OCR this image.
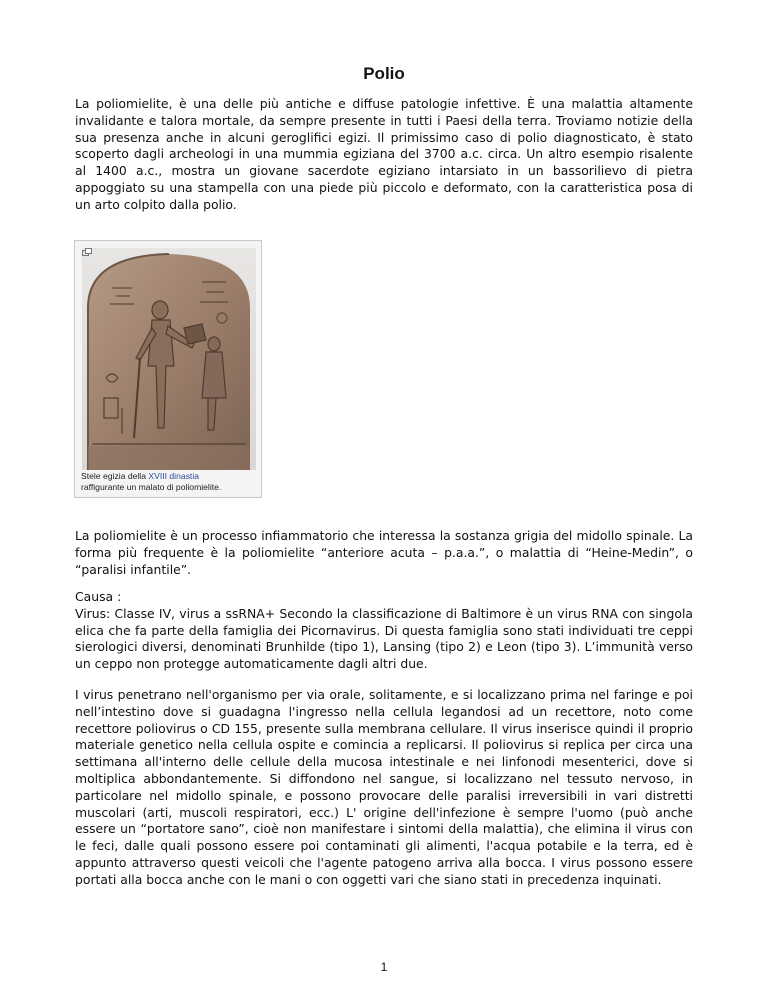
Polio

La poliomielite, è una delle più antiche e diffuse patologie infettive. È una malattia altamente invalidante e talora mortale, da sempre presente in tutti i Paesi della terra. Troviamo notizie della sua presenza anche in alcuni geroglifici egizi. Il primissimo caso di polio diagnosticato, è stato scoperto dagli archeologi in una mummia egiziana del 3700 a.c. circa. Un altro esempio risalente al 1400 a.c., mostra un giovane sacerdote egiziano intarsiato in un bassorilievo di pietra appoggiato su una stampella con una piede più piccolo e deformato, con la caratteristica posa di un arto colpito dalla polio.

Stele egizia della XVIII dinastia
raffigurante un malato di poliomielite.

La poliomielite è un processo infiammatorio che interessa la sostanza grigia del midollo spinale. La forma più frequente è la poliomielite “anteriore acuta – p.a.a.”, o malattia di “Heine-Medin”, o “paralisi infantile”.

Causa :
Virus: Classe IV, virus a ssRNA+ Secondo la classificazione di Baltimore è un virus RNA con singola elica che fa parte della famiglia dei Picornavirus. Di questa famiglia sono stati individuati tre ceppi sierologici diversi, denominati Brunhilde (tipo 1), Lansing (tipo 2) e Leon (tipo 3). L’immunità verso un ceppo non protegge automaticamente dagli altri due.

I virus penetrano nell'organismo per via orale, solitamente, e si localizzano prima nel faringe e poi nell’intestino dove si guadagna l'ingresso nella cellula legandosi ad un recettore, noto come recettore poliovirus o CD 155, presente sulla membrana cellulare. Il virus inserisce quindi il proprio materiale genetico nella cellula ospite e comincia a replicarsi. Il poliovirus si replica per circa una settimana all'interno delle cellule della mucosa intestinale e nei linfonodi mesenterici, dove si moltiplica abbondantemente. Si diffondono nel sangue, si localizzano nel tessuto nervoso, in particolare nel midollo spinale, e possono provocare delle paralisi irreversibili in vari distretti muscolari (arti, muscoli respiratori, ecc.) L' origine dell'infezione è sempre l'uomo (può anche essere un “portatore sano”, cioè non manifestare i sintomi della malattia), che elimina il virus con le feci, dalle quali possono essere poi contaminati gli alimenti, l'acqua potabile e la terra, ed è appunto attraverso questi veicoli che l'agente patogeno arriva alla bocca. I virus possono essere portati alla bocca anche con le mani o con oggetti vari che siano stati in precedenza inquinati.

1
